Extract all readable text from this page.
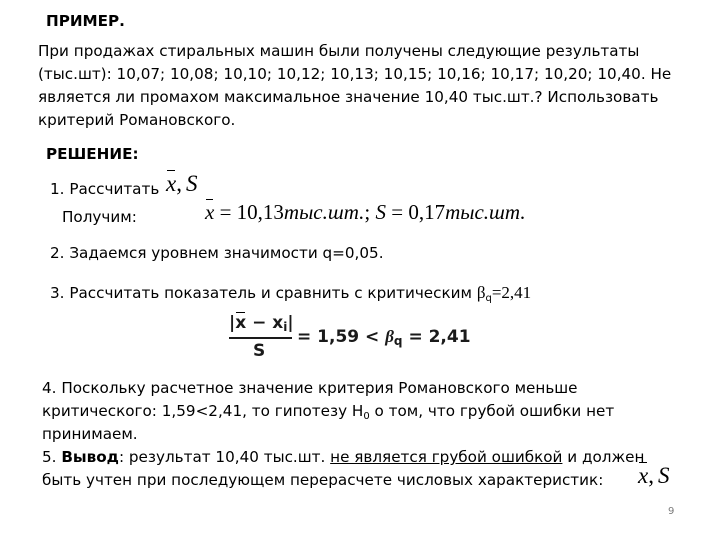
ПРИМЕР.
При продажах стиральных машин были получены следующие результаты
(тыс.шт): 10,07; 10,08; 10,10; 10,12; 10,13; 10,15; 10,16; 10,17; 10,20; 10,40. Не
является ли промахом максимальное значение 10,40 тыс.шт.? Использовать
критерий Романовского.
РЕШЕНИЕ:
1. Рассчитать x, S
Получим:	x = 10,13тыс.шт.; S = 0,17тыс.шт.
2. Задаемся уровнем значимости q=0,05.
3. Рассчитать показатель и сравнить с критическим $\beta_q=2,41$
$|x - x_i|$
S
= $1,59 < \beta_q = 2,41$
4. Поскольку расчетное значение критерия Романовского меньше
критического: 1,59<2,41, то гипотезу $H_0$ о том, что грубой ошибки нет
принимаем.
5. Вывод: результат 10,40 тыс.шт. не является грубой ошибкой и должен
быть учтен при последующем перерасчете числовых характеристик: x, S
9
